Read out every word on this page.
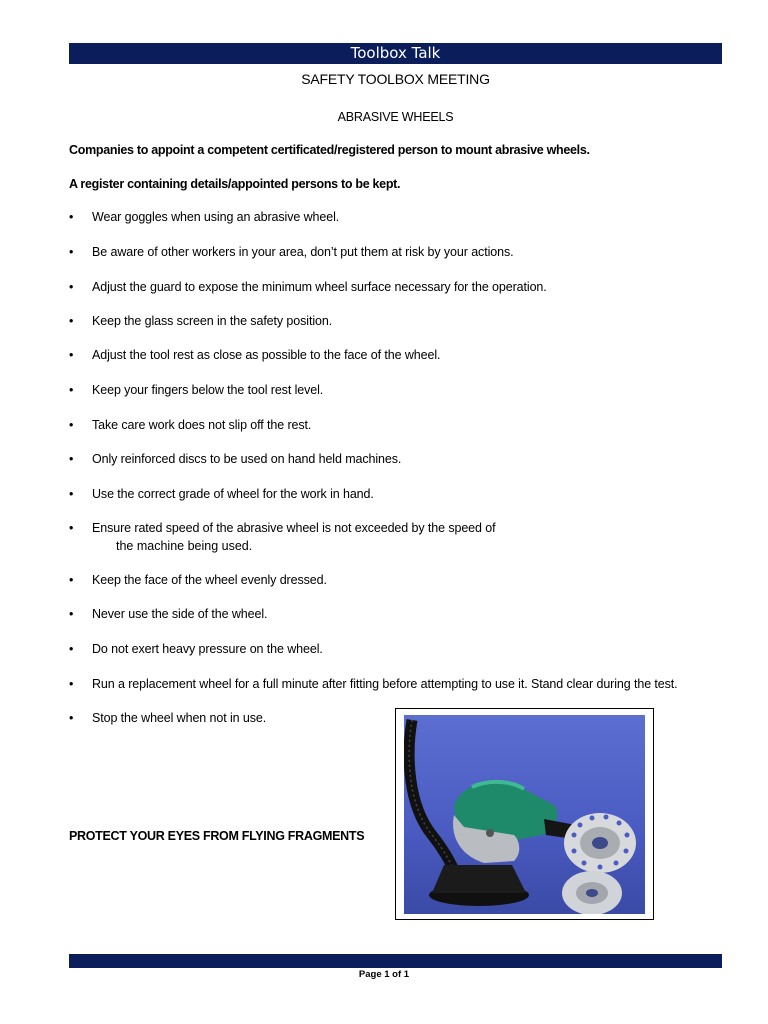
Toolbox Talk
SAFETY TOOLBOX MEETING
ABRASIVE WHEELS
Companies to appoint a competent certificated/registered person to mount abrasive wheels.
A register containing details/appointed persons to be kept.
•	Wear goggles when using an abrasive wheel.
•	Be aware of other workers in your area, don’t put them at risk by your actions.
•	Adjust the guard to expose the minimum wheel surface necessary for the operation.
•	Keep the glass screen in the safety position.
•	Adjust the tool rest as close as possible to the face of the wheel.
•	Keep your fingers below the tool rest level.
•	Take care work does not slip off the rest.
•	Only reinforced discs to be used on hand held machines.
•	Use the correct grade of wheel for the work in hand.
•	Ensure rated speed of the abrasive wheel is not exceeded by the speed of
the machine being used.
•	Keep the face of the wheel evenly dressed.
•	Never use the side of the wheel.
•	Do not exert heavy pressure on the wheel.
•	Run a replacement wheel for a full minute after fitting before attempting to use it. Stand clear during the test.
•	Stop the wheel when not in use.
PROTECT YOUR EYES FROM FLYING FRAGMENTS
Page 1 of 1
